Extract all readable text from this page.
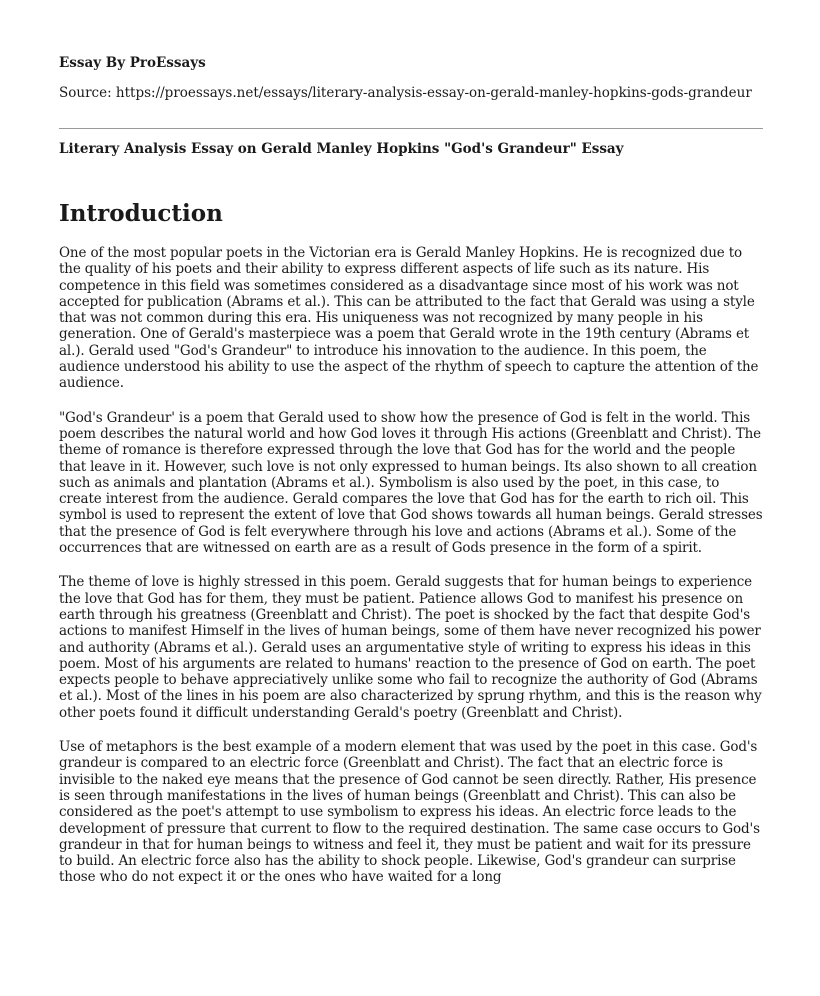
Essay By ProEssays
Source: https://proessays.net/essays/literary-analysis-essay-on-gerald-manley-hopkins-gods-grandeur
Literary Analysis Essay on Gerald Manley Hopkins "God's Grandeur" Essay
Introduction

One of the most popular poets in the Victorian era is Gerald Manley Hopkins. He is recognized due to the quality of his poets and their ability to express different aspects of life such as its nature. His competence in this field was sometimes considered as a disadvantage since most of his work was not accepted for publication (Abrams et al.). This can be attributed to the fact that Gerald was using a style that was not common during this era. His uniqueness was not recognized by many people in his generation. One of Gerald's masterpiece was a poem that Gerald wrote in the 19th century (Abrams et al.). Gerald used "God's Grandeur" to introduce his innovation to the audience. In this poem, the audience understood his ability to use the aspect of the rhythm of speech to capture the attention of the audience.

"God's Grandeur' is a poem that Gerald used to show how the presence of God is felt in the world. This poem describes the natural world and how God loves it through His actions (Greenblatt and Christ). The theme of romance is therefore expressed through the love that God has for the world and the people that leave in it. However, such love is not only expressed to human beings. Its also shown to all creation such as animals and plantation (Abrams et al.). Symbolism is also used by the poet, in this case, to create interest from the audience. Gerald compares the love that God has for the earth to rich oil. This symbol is used to represent the extent of love that God shows towards all human beings. Gerald stresses that the presence of God is felt everywhere through his love and actions (Abrams et al.). Some of the occurrences that are witnessed on earth are as a result of Gods presence in the form of a spirit.

The theme of love is highly stressed in this poem. Gerald suggests that for human beings to experience the love that God has for them, they must be patient. Patience allows God to manifest his presence on earth through his greatness (Greenblatt and Christ). The poet is shocked by the fact that despite God's actions to manifest Himself in the lives of human beings, some of them have never recognized his power and authority (Abrams et al.). Gerald uses an argumentative style of writing to express his ideas in this poem. Most of his arguments are related to humans' reaction to the presence of God on earth. The poet expects people to behave appreciatively unlike some who fail to recognize the authority of God (Abrams et al.). Most of the lines in his poem are also characterized by sprung rhythm, and this is the reason why other poets found it difficult understanding Gerald's poetry (Greenblatt and Christ).

Use of metaphors is the best example of a modern element that was used by the poet in this case. God's grandeur is compared to an electric force (Greenblatt and Christ). The fact that an electric force is invisible to the naked eye means that the presence of God cannot be seen directly. Rather, His presence is seen through manifestations in the lives of human beings (Greenblatt and Christ). This can also be considered as the poet's attempt to use symbolism to express his ideas. An electric force leads to the development of pressure that current to flow to the required destination. The same case occurs to God's grandeur in that for human beings to witness and feel it, they must be patient and wait for its pressure to build. An electric force also has the ability to shock people. Likewise, God's grandeur can surprise those who do not expect it or the ones who have waited for a long
